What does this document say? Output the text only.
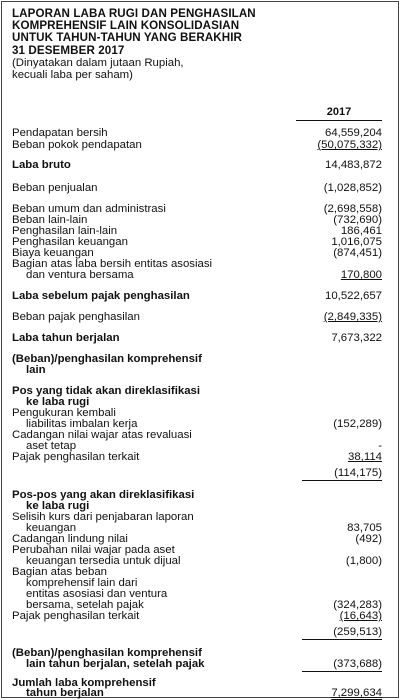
LAPORAN LABA RUGI DAN PENGHASILAN
KOMPREHENSIF LAIN KONSOLIDASIAN
UNTUK TAHUN-TAHUN YANG BERAKHIR
31 DESEMBER 2017
(Dinyatakan dalam jutaan Rupiah,
kecuali laba per saham)
2017
Pendapatan bersih	64,559,204
Beban pokok pendapatan	(50,075,332)
Laba bruto	14,483,872
Beban penjualan	(1,028,852)
Beban umum dan administrasi	(2,698,558)
Beban lain-lain	(732,690)
Penghasilan lain-lain	186,461
Penghasilan keuangan	1,016,075
Biaya keuangan	(874,451)
Bagian atas laba bersih entitas asosiasi
dan ventura bersama	170,800
Laba sebelum pajak penghasilan	10,522,657
Beban pajak penghasilan	(2,849,335)
Laba tahun berjalan	7,673,322
(Beban)/penghasilan komprehensif
lain
Pos yang tidak akan direklasifikasi
ke laba rugi
Pengukuran kembali
liabilitas imbalan kerja	(152,289)
Cadangan nilai wajar atas revaluasi
aset tetap	-
Pajak penghasilan terkait	38,114
(114,175)
Pos-pos yang akan direklasifikasi
ke laba rugi
Selisih kurs dari penjabaran laporan
keuangan	83,705
Cadangan lindung nilai	(492)
Perubahan nilai wajar pada aset
keuangan tersedia untuk dijual	(1,800)
Bagian atas beban
komprehensif lain dari
entitas asosiasi dan ventura
bersama, setelah pajak	(324,283)
Pajak penghasilan terkait	(16,643)
(259,513)
(Beban)/penghasilan komprehensif
lain tahun berjalan, setelah pajak	(373,688)
Jumlah laba komprehensif
tahun berjalan	7,299,634
